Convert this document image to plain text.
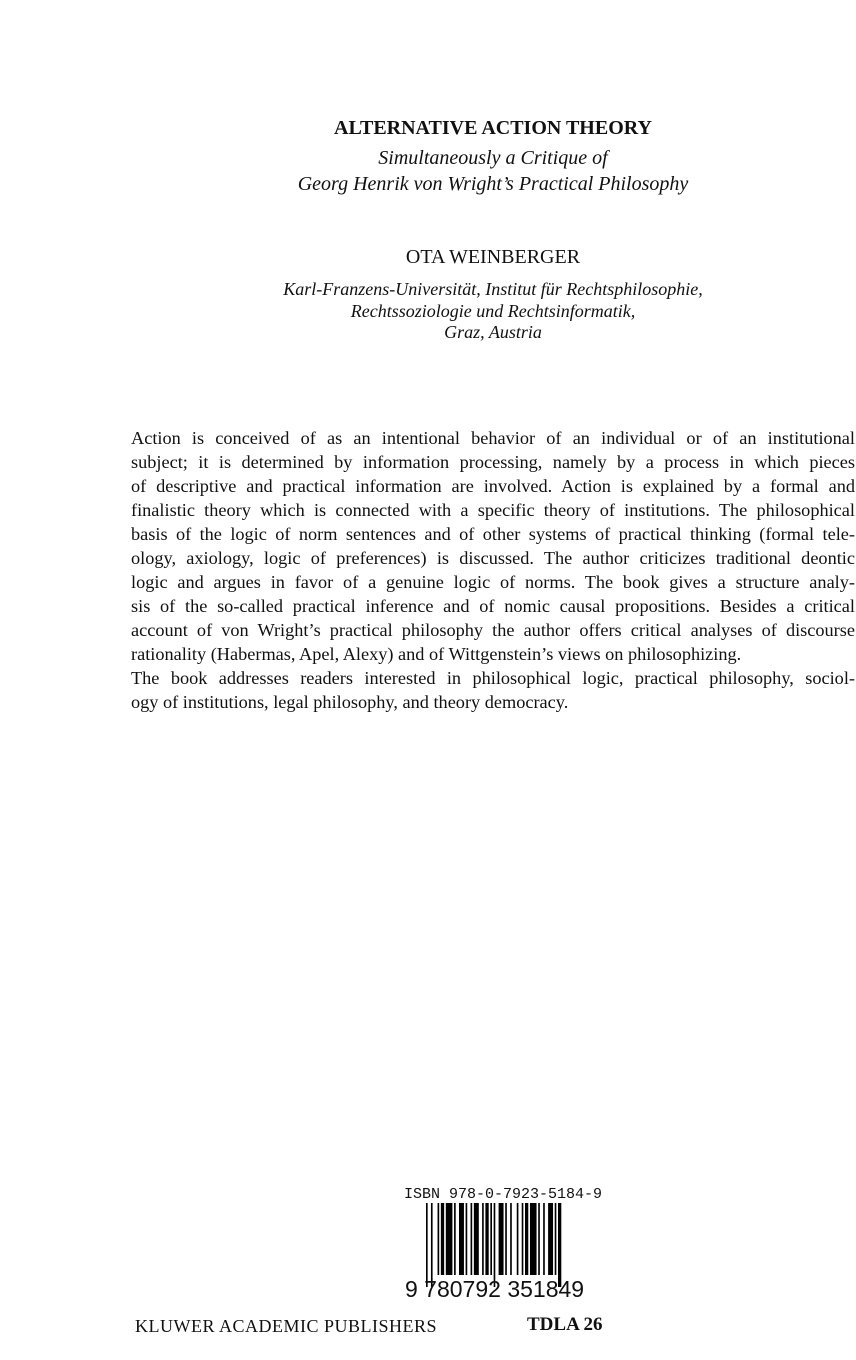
ALTERNATIVE ACTION THEORY
Simultaneously a Critique of
Georg Henrik von Wright’s Practical Philosophy
OTA WEINBERGER
Karl-Franzens-Universität, Institut für Rechtsphilosophie,
Rechtssoziologie und Rechtsinformatik,
Graz, Austria
Action is conceived of as an intentional behavior of an individual or of an institutional
subject; it is determined by information processing, namely by a process in which pieces
of descriptive and practical information are involved. Action is explained by a formal and
finalistic theory which is connected with a specific theory of institutions. The philosophical
basis of the logic of norm sentences and of other systems of practical thinking (formal tele-
ology, axiology, logic of preferences) is discussed. The author criticizes traditional deontic
logic and argues in favor of a genuine logic of norms. The book gives a structure analy-
sis of the so-called practical inference and of nomic causal propositions. Besides a critical
account of von Wright’s practical philosophy the author offers critical analyses of discourse
rationality (Habermas, Apel, Alexy) and of Wittgenstein’s views on philosophizing.
The book addresses readers interested in philosophical logic, practical philosophy, sociol-
ogy of institutions, legal philosophy, and theory democracy.
ISBN 978-0-7923-5184-9
9 780792 351849
KLUWER ACADEMIC PUBLISHERS	TDLA 26
